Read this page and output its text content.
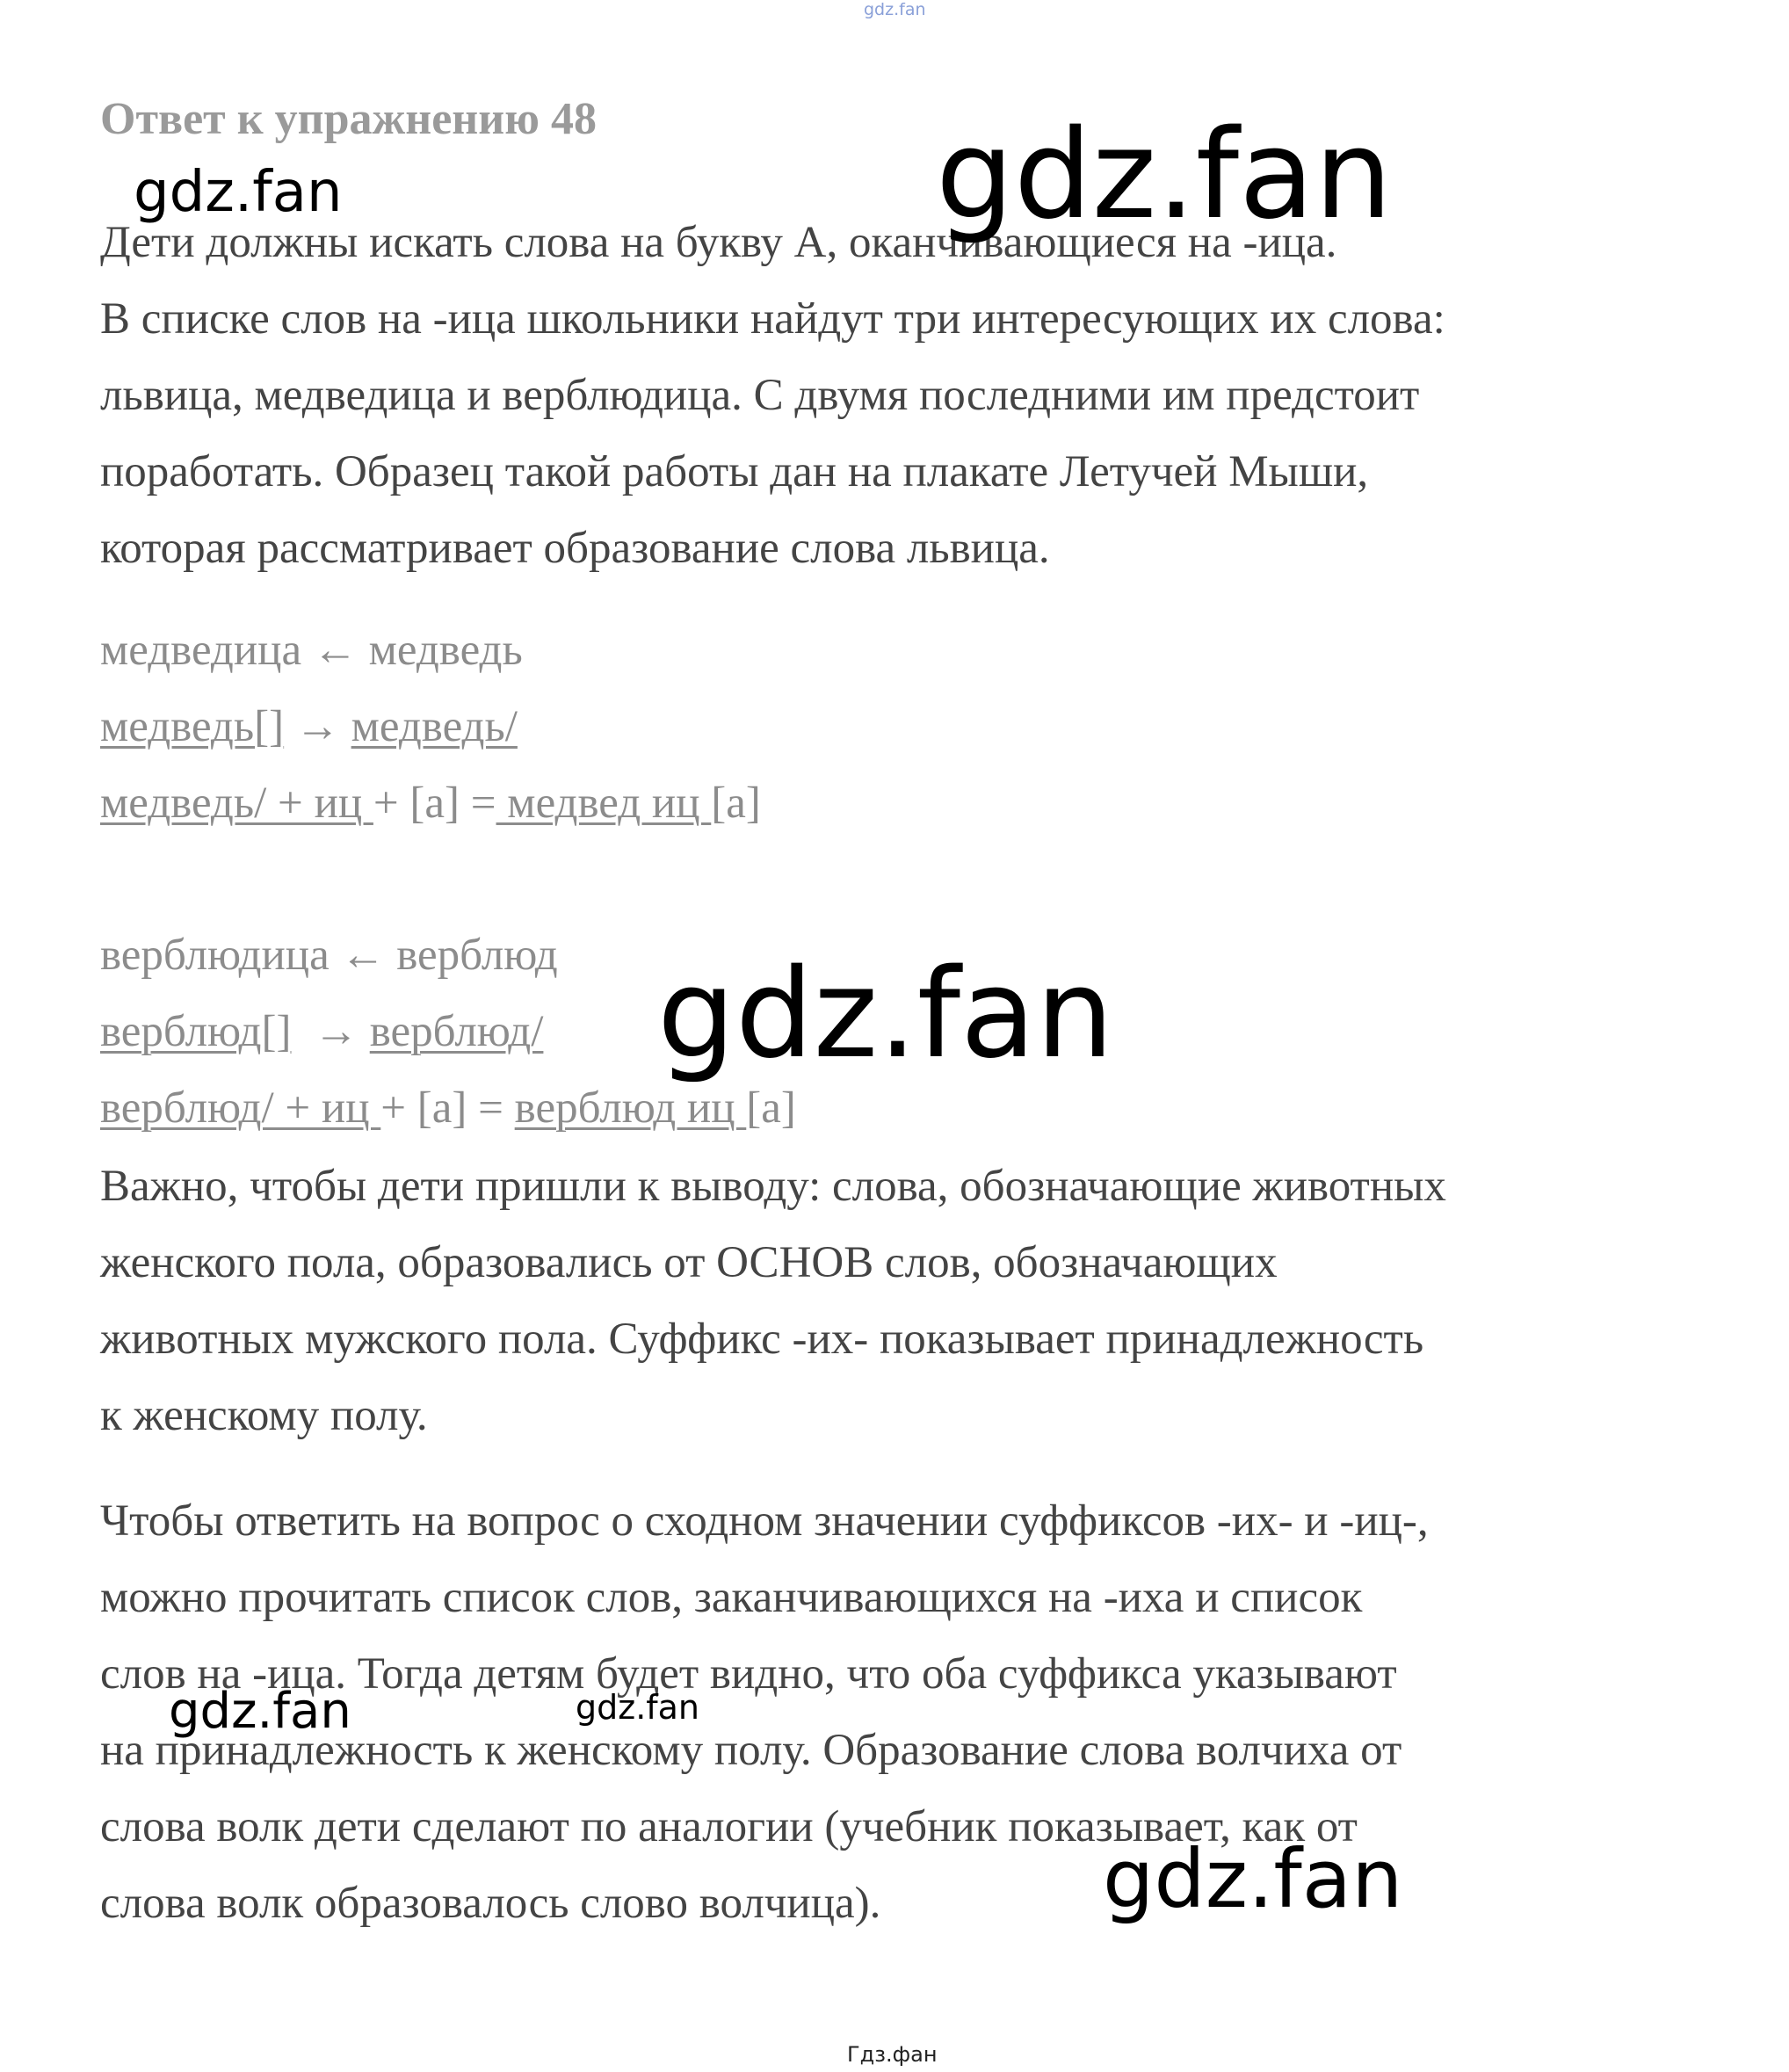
gdz.fan
Ответ к упражнению 48
Дети должны искать слова на букву А, оканчивающиеся на -ица.
В списке слов на -ица школьники найдут три интересующих их слова:
львица, медведица и верблюдица. С двумя последними им предстоит
поработать. Образец такой работы дан на плакате Летучей Мыши,
которая рассматривает образование слова львица.
медведица ← медведь
медведь[] → медведь/
медведь/ + иц + [а] = медвед иц [а]
верблюдица ← верблюд
верблюд[]  → верблюд/
верблюд/ + иц + [а] = верблюд иц [а]
Важно, чтобы дети пришли к выводу: слова, обозначающие животных
женского пола, образовались от ОСНОВ слов, обозначающих
животных мужского пола. Суффикс -их- показывает принадлежность
к женскому полу.
Чтобы ответить на вопрос о сходном значении суффиксов -их- и -иц-,
можно прочитать список слов, заканчивающихся на -иха и список
слов на -ица. Тогда детям будет видно, что оба суффикса указывают
на принадлежность к женскому полу. Образование слова волчиха от
слова волк дети сделают по аналогии (учебник показывает, как от
слова волк образовалось слово волчица).
gdz.fan
gdz.fan
gdz.fan
gdz.fan	gdz.fan
gdz.fan
Гдз.фан
